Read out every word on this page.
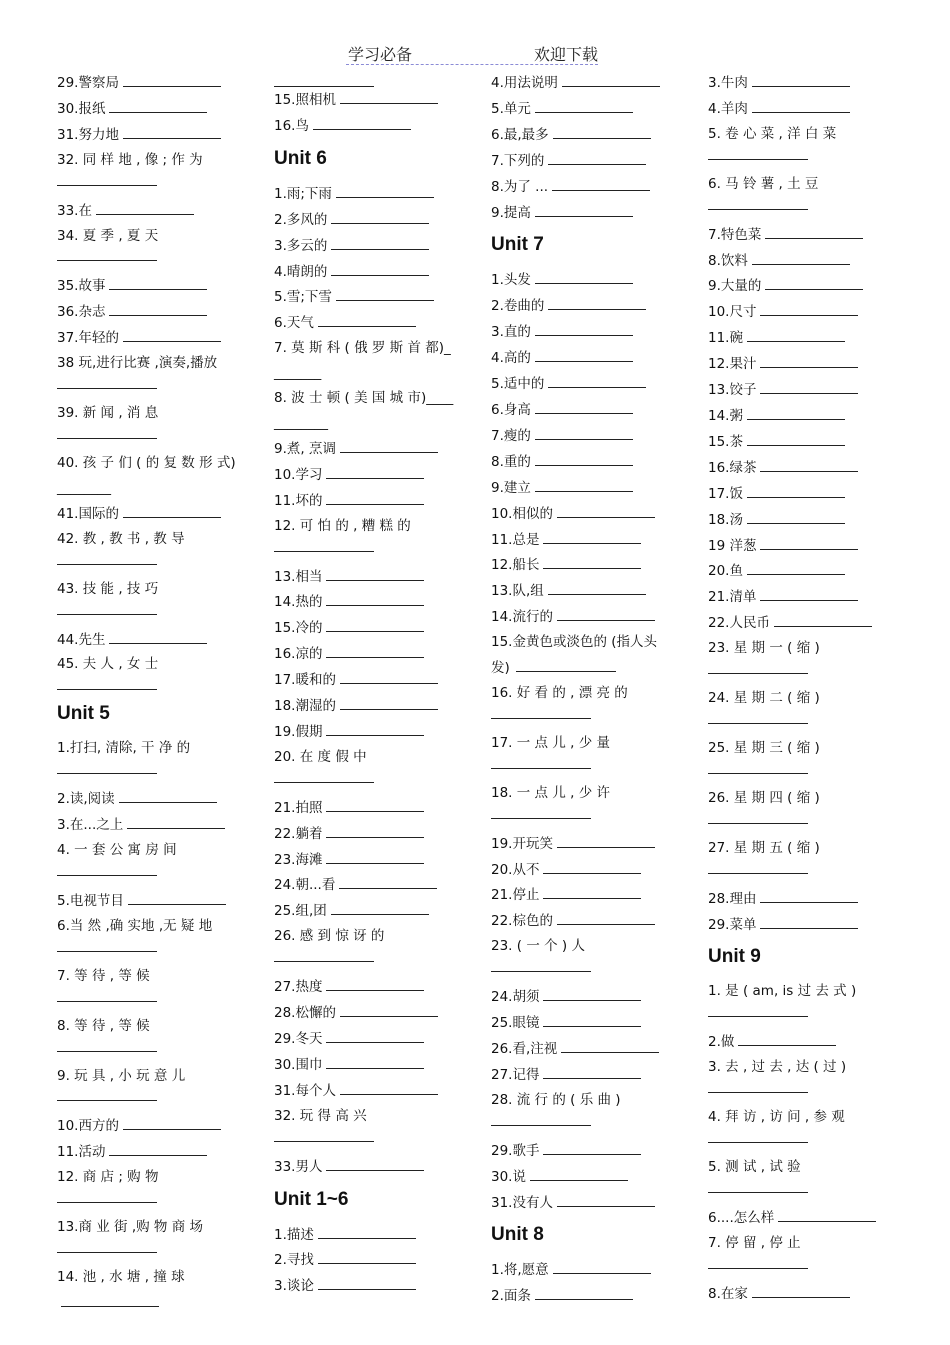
学习必备	欢迎下载
29.警察局
30.报纸
31.努力地
32. 同 样 地 , 像 ; 作 为
33.在
34. 夏 季 , 夏 天
35.故事
36.杂志
37.年轻的
38 玩,进行比赛 ,演奏,播放
39. 新 闻 , 消 息
40. 孩 子 们 ( 的 复 数 形 式)________
41.国际的
42. 教 , 教 书 , 教 导
43. 技 能 , 技 巧
44.先生
45. 夫 人 , 女 士
Unit 5
1.打扫, 清除, 干 净 的
2.读,阅读
3.在...之上
4. 一 套 公 寓 房 间
5.电视节目
6.当 然 ,确 实地 ,无 疑 地
7. 等 待 , 等 候
8. 等 待 , 等 候
9. 玩 具 , 小 玩 意 儿
10.西方的
11.活动
12. 商 店 ; 购 物
13.商 业 街 ,购 物 商 场
14. 池 , 水 塘 , 撞 球
15.照相机
16.鸟
Unit 6
1.雨;下雨
2.多风的
3.多云的
4.晴朗的
5.雪;下雪
6.天气
7. 莫 斯 科 ( 俄 罗 斯 首 都)________
8. 波 士 顿 ( 美 国 城 市)____________
9.煮, 烹调
10.学习
11.坏的
12. 可 怕 的 , 糟 糕 的
13.相当
14.热的
15.冷的
16.凉的
17.暖和的
18.潮湿的
19.假期
20. 在 度 假 中
21.拍照
22.躺着
23.海滩
24.朝...看
25.组,团
26. 感 到 惊 讶 的
27.热度
28.松懈的
29.冬天
30.围巾
31.每个人
32. 玩 得 高 兴
33.男人
Unit 1~6
1.描述
2.寻找
3.谈论
4.用法说明
5.单元
6.最,最多
7.下列的
8.为了 ...
9.提高
Unit 7
1.头发
2.卷曲的
3.直的
4.高的
5.适中的
6.身高
7.瘦的
8.重的
9.建立
10.相似的
11.总是
12.船长
13.队,组
14.流行的
15.金黄色或淡色的 (指人头发)
16. 好 看 的 , 漂 亮 的
17. 一 点 儿 , 少 量
18. 一 点 儿 , 少 许
19.开玩笑
20.从不
21.停止
22.棕色的
23. ( 一 个 ) 人
24.胡须
25.眼镜
26.看,注视
27.记得
28. 流 行 的 ( 乐 曲 )
29.歌手
30.说
31.没有人
Unit 8
1.将,愿意
2.面条
3.牛肉
4.羊肉
5. 卷 心 菜 , 洋 白 菜
6. 马 铃 薯 , 土 豆
7.特色菜
8.饮料
9.大量的
10.尺寸
11.碗
12.果汁
13.饺子
14.粥
15.茶
16.绿茶
17.饭
18.汤
19 洋葱
20.鱼
21.清单
22.人民币
23. 星 期 一 ( 缩 )
24. 星 期 二 ( 缩 )
25. 星 期 三 ( 缩 )
26. 星 期 四 ( 缩 )
27. 星 期 五 ( 缩 )
28.理由
29.菜单
Unit 9
1. 是 ( am, is 过 去 式 )
2.做
3. 去 , 过 去 , 达 ( 过 )
4. 拜 访 , 访 问 , 参 观
5. 测 试 , 试 验
6....怎么样
7. 停 留 , 停 止
8.在家
